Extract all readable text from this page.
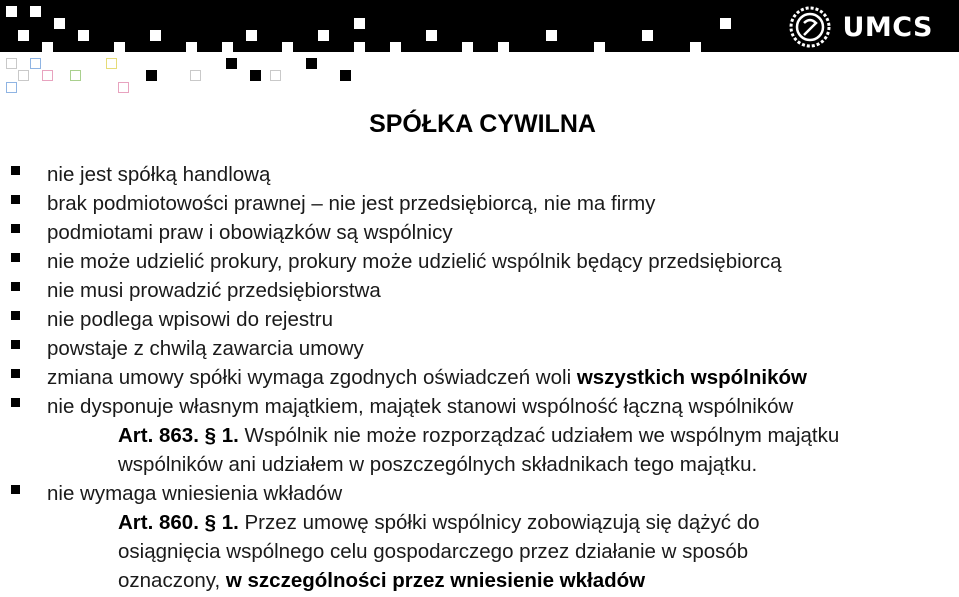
UMCS
SPÓŁKA CYWILNA
nie jest spółką handlową
brak podmiotowości prawnej – nie jest przedsiębiorcą, nie ma firmy
podmiotami praw i obowiązków są wspólnicy
nie może udzielić prokury, prokury może udzielić wspólnik będący przedsiębiorcą
nie musi prowadzić przedsiębiorstwa
nie podlega wpisowi do rejestru
powstaje z chwilą zawarcia umowy
zmiana umowy spółki wymaga zgodnych oświadczeń woli wszystkich wspólników
nie dysponuje własnym majątkiem, majątek stanowi wspólność łączną wspólników
Art. 863. § 1. Wspólnik nie może rozporządzać udziałem we wspólnym majątku
wspólników ani udziałem w poszczególnych składnikach tego majątku.
nie wymaga wniesienia wkładów
Art. 860. § 1. Przez umowę spółki wspólnicy zobowiązują się dążyć do
osiągnięcia wspólnego celu gospodarczego przez działanie w sposób
oznaczony, w szczególności przez wniesienie wkładów
